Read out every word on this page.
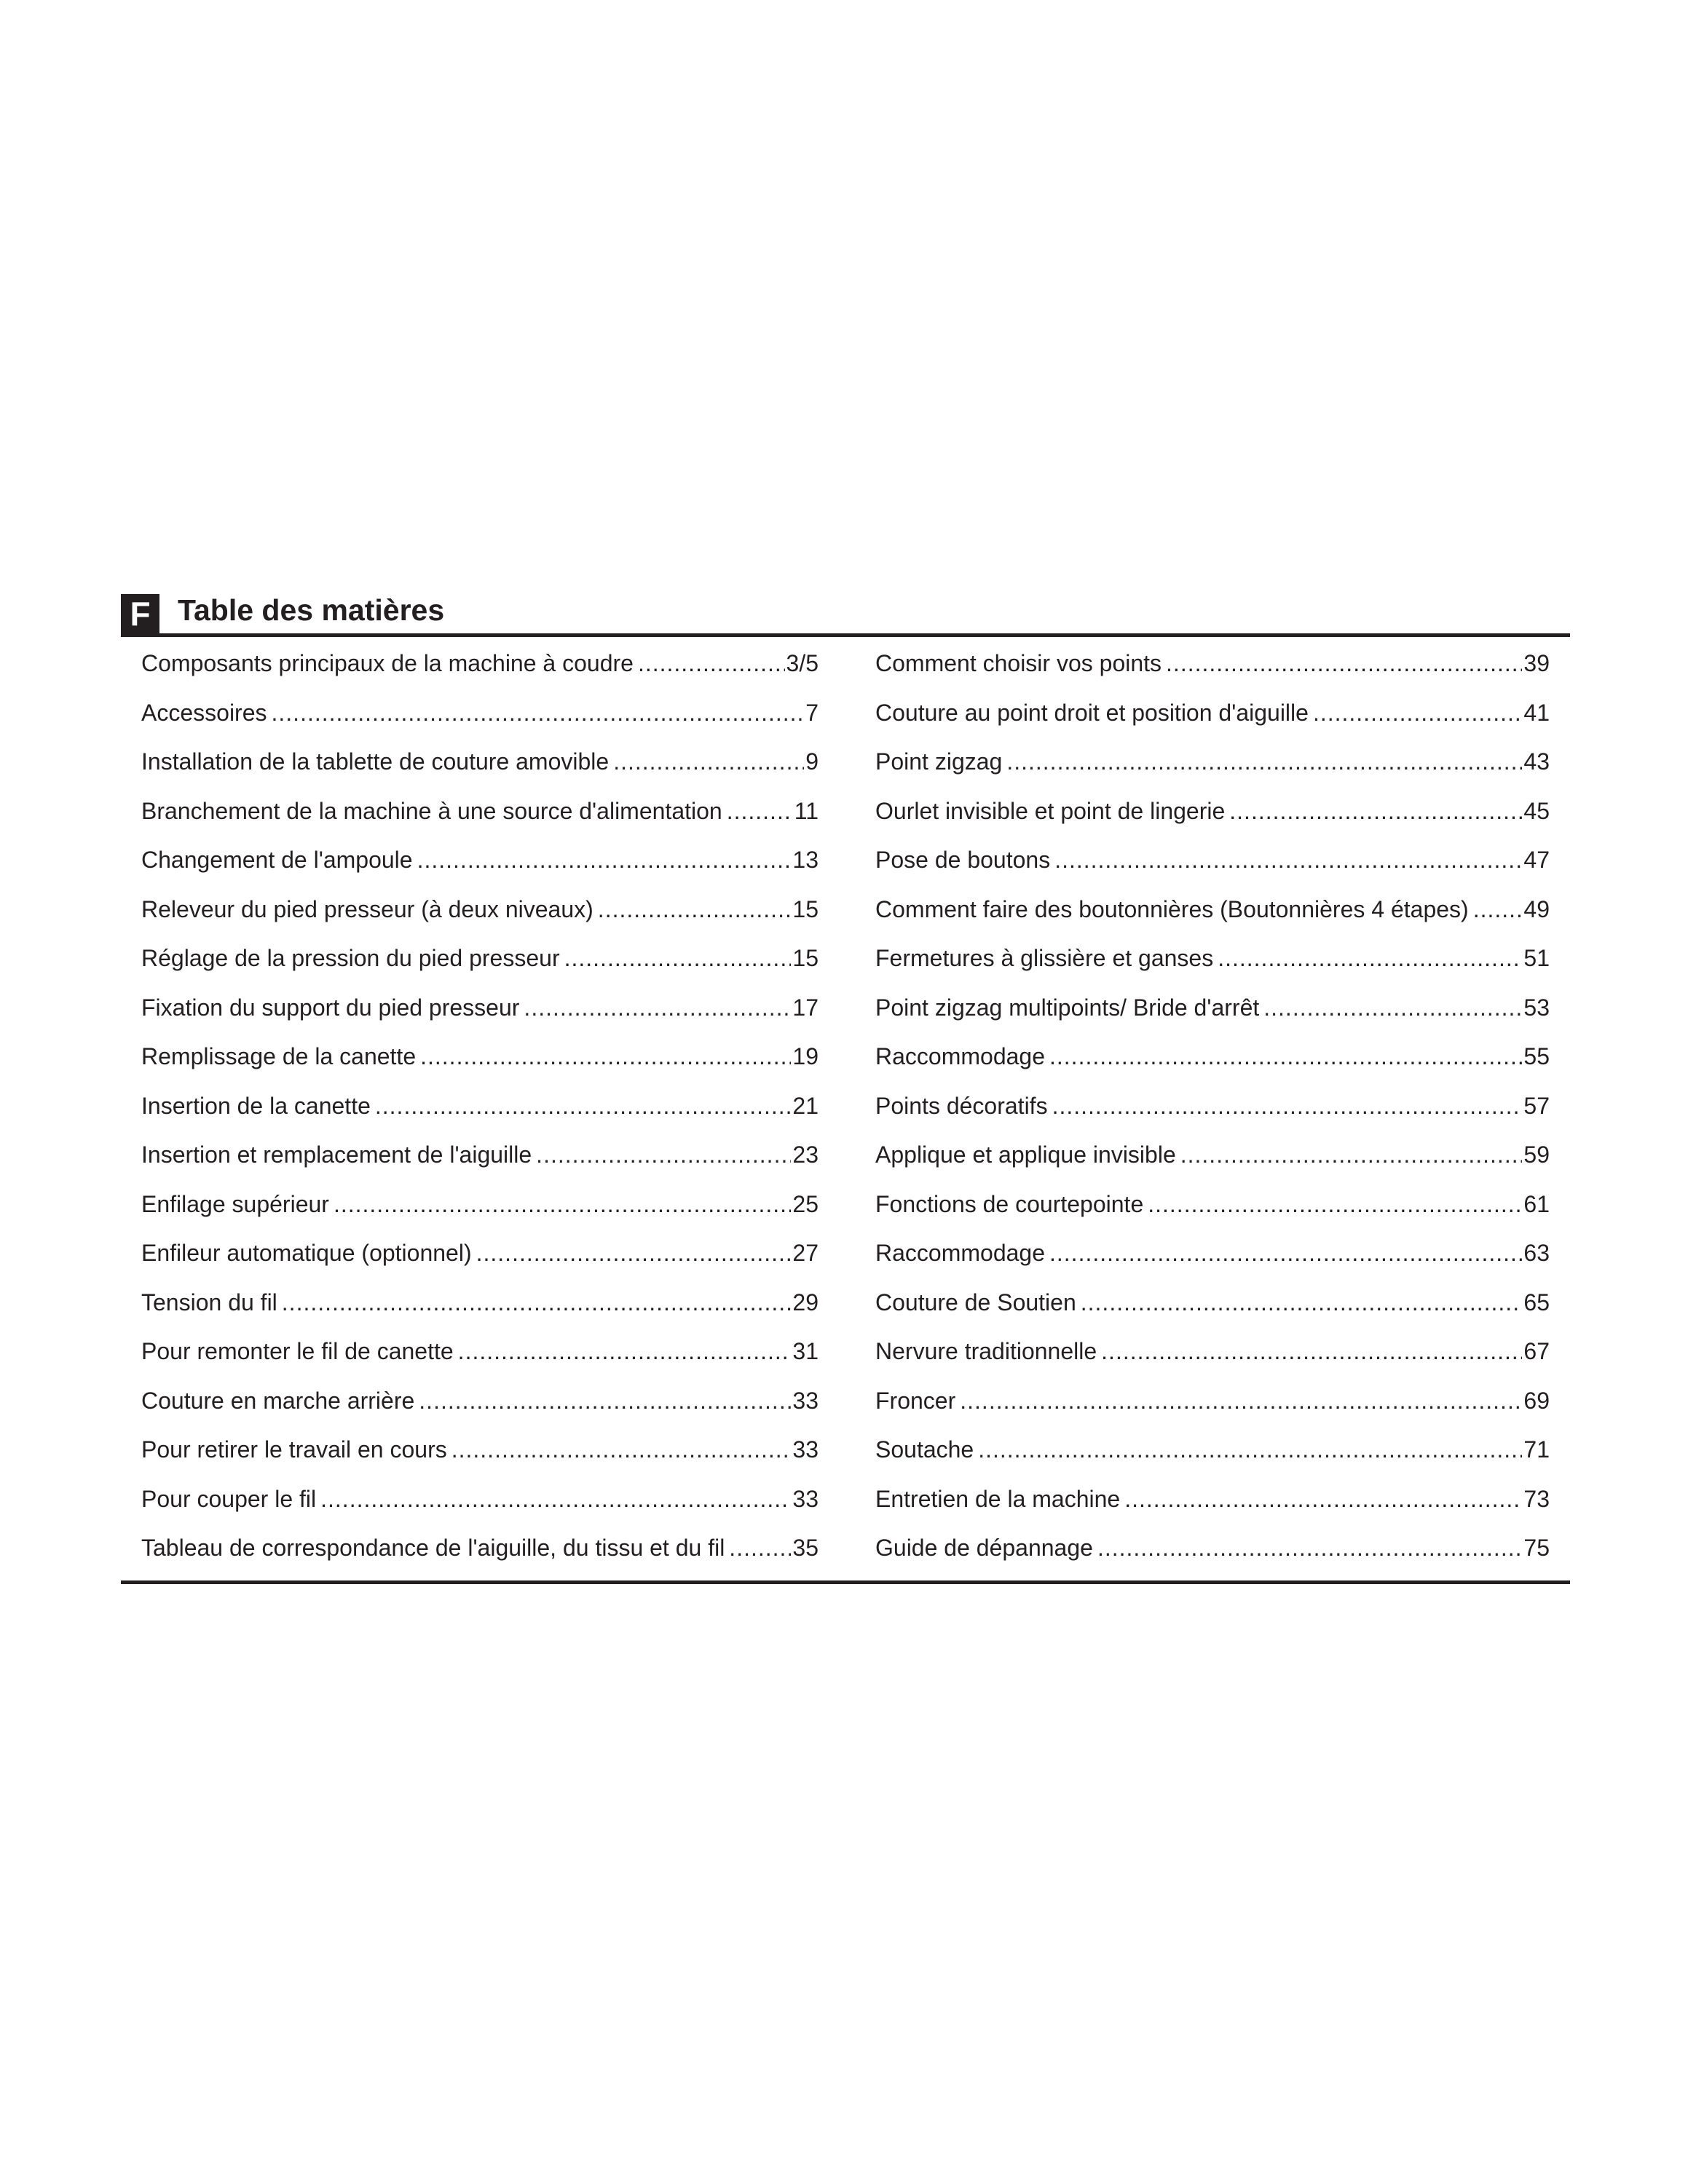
F Table des matières
Composants principaux de la machine à coudre .....	3/5
Accessoires .....	7
Installation de la tablette de couture amovible .....	9
Branchement de la machine à une source d'alimentation .....	11
Changement de l'ampoule .....	13
Releveur du pied presseur (à deux niveaux) .....	15
Réglage de la pression du pied presseur .....	15
Fixation du support du pied presseur .....	17
Remplissage de la canette .....	19
Insertion de la canette .....	21
Insertion et remplacement de l'aiguille .....	23
Enfilage supérieur .....	25
Enfileur automatique (optionnel) .....	27
Tension du fil .....	29
Pour remonter le fil de canette .....	31
Couture en marche arrière .....	33
Pour retirer le travail en cours .....	33
Pour couper le fil .....	33
Tableau de correspondance de l'aiguille, du tissu et du fil .....	35
Comment choisir vos points .....	39
Couture au point droit et position d'aiguille .....	41
Point zigzag .....	43
Ourlet invisible et point de lingerie .....	45
Pose de boutons .....	47
Comment faire des boutonnières (Boutonnières 4 étapes) ..... 49
Fermetures à glissière et ganses .....	51
Point zigzag multipoints/ Bride d'arrêt .....	53
Raccommodage .....	55
Points décoratifs .....	57
Applique et applique invisible .....	59
Fonctions de courtepointe .....	61
Raccommodage .....	63
Couture de Soutien .....	65
Nervure traditionnelle .....	67
Froncer .....	69
Soutache .....	71
Entretien de la machine .....	73
Guide de dépannage .....	75
